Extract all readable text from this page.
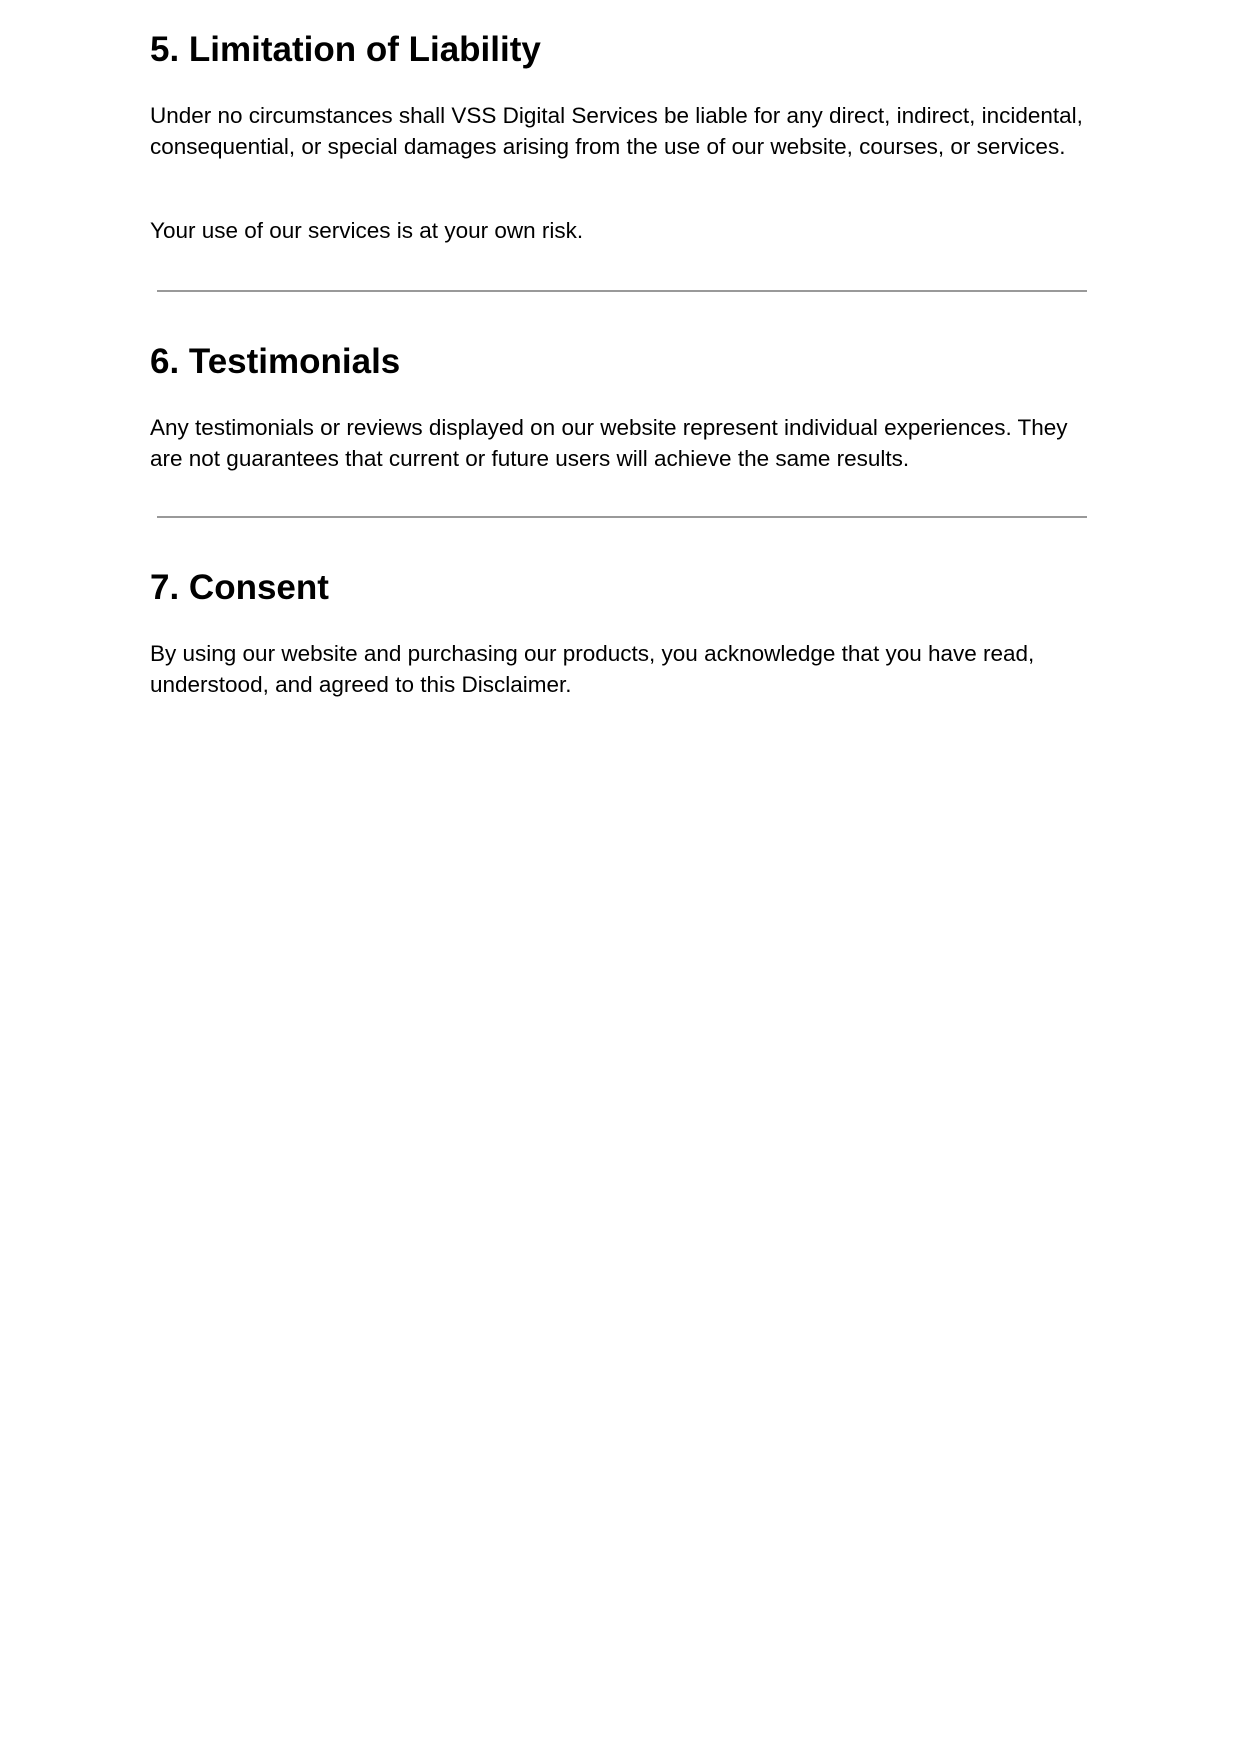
5. Limitation of Liability

Under no circumstances shall VSS Digital Services be liable for any direct, indirect, incidental, consequential, or special damages arising from the use of our website, courses, or services.

Your use of our services is at your own risk.

6. Testimonials

Any testimonials or reviews displayed on our website represent individual experiences. They are not guarantees that current or future users will achieve the same results.

7. Consent

By using our website and purchasing our products, you acknowledge that you have read, understood, and agreed to this Disclaimer.
